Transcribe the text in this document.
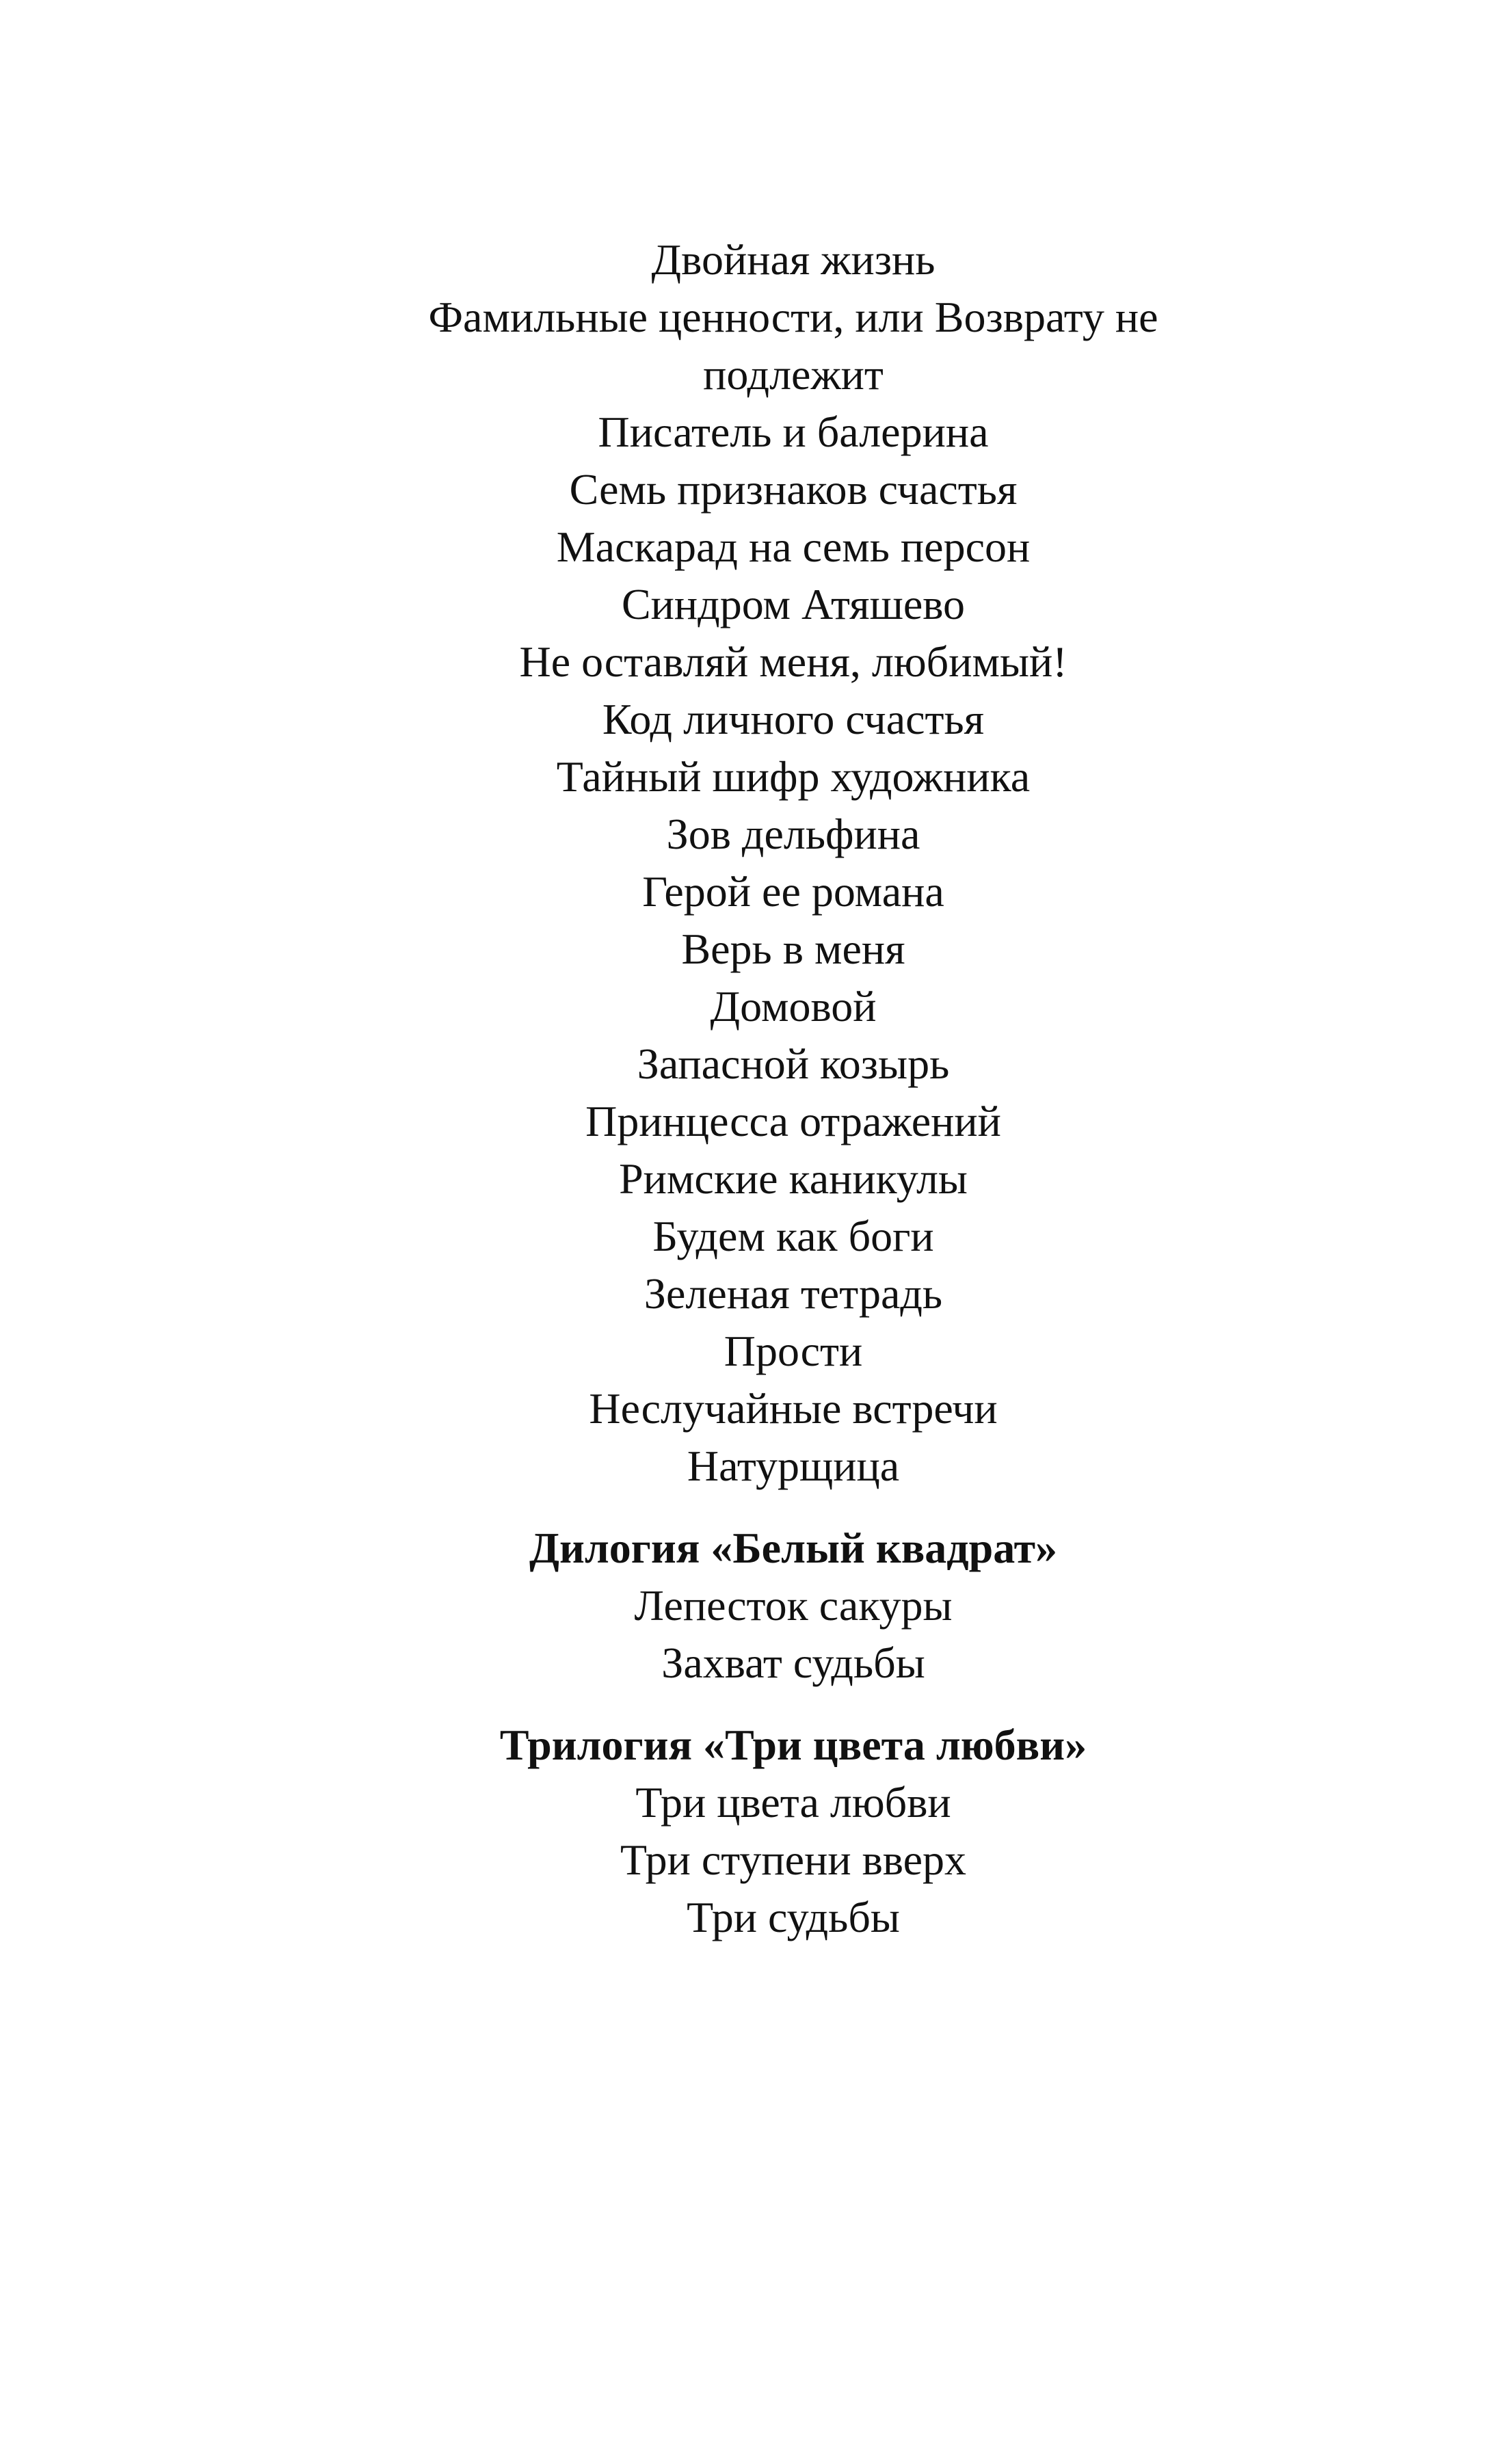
Двойная жизнь
Фамильные ценности, или Возврату не
подлежит
Писатель и балерина
Семь признаков счастья
Маскарад на семь персон
Синдром Атяшево
Не оставляй меня, любимый!
Код личного счастья
Тайный шифр художника
Зов дельфина
Герой ее романа
Верь в меня
Домовой
Запасной козырь
Принцесса отражений
Римские каникулы
Будем как боги
Зеленая тетрадь
Прости
Неслучайные встречи
Натурщица
Дилогия «Белый квадрат»
Лепесток сакуры
Захват судьбы
Трилогия «Три цвета любви»
Три цвета любви
Три ступени вверх
Три судьбы
